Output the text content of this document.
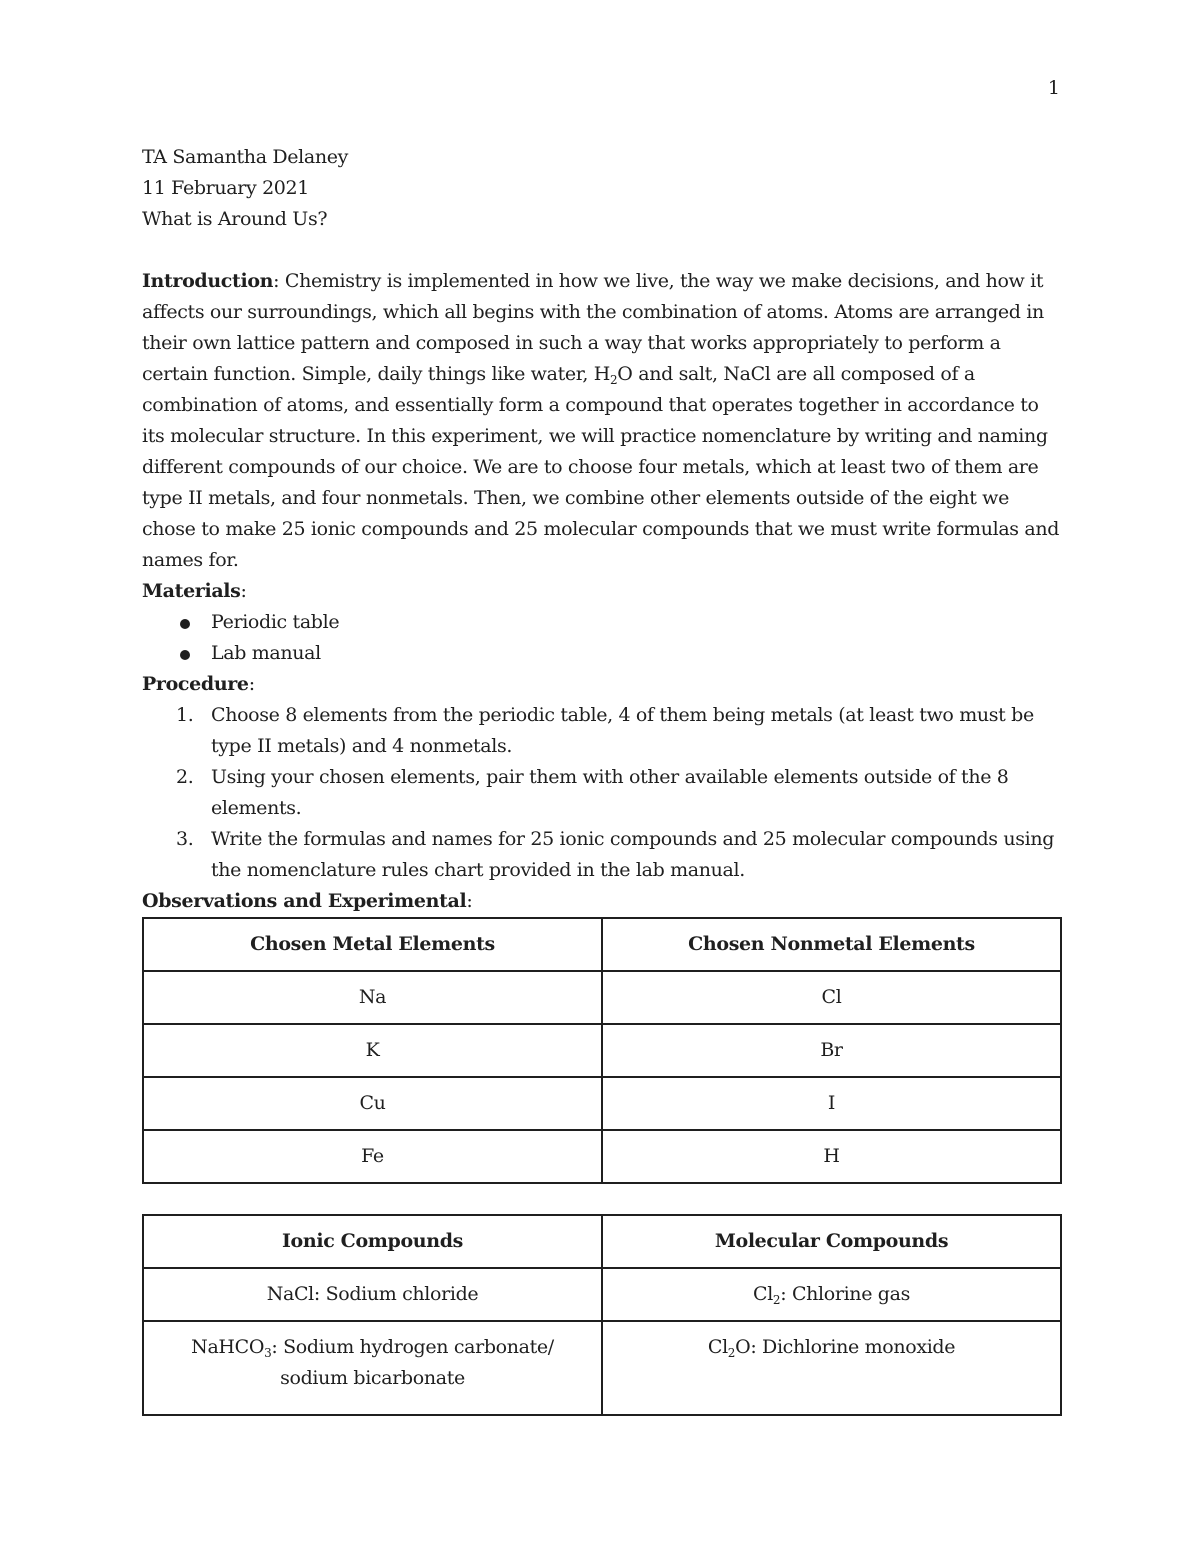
1
TA Samantha Delaney
11 February 2021
What is Around Us?

Introduction: Chemistry is implemented in how we live, the way we make decisions, and how it affects our surroundings, which all begins with the combination of atoms. Atoms are arranged in their own lattice pattern and composed in such a way that works appropriately to perform a certain function. Simple, daily things like water, $H_2O$ and salt, NaCl are all composed of a combination of atoms, and essentially form a compound that operates together in accordance to its molecular structure. In this experiment, we will practice nomenclature by writing and naming different compounds of our choice. We are to choose four metals, which at least two of them are type II metals, and four nonmetals. Then, we combine other elements outside of the eight we chose to make 25 ionic compounds and 25 molecular compounds that we must write formulas and names for.

Materials:
Periodic table
Lab manual
Procedure:
1. Choose 8 elements from the periodic table, 4 of them being metals (at least two must be type II metals) and 4 nonmetals.
2. Using your chosen elements, pair them with other available elements outside of the 8 elements.
3. Write the formulas and names for 25 ionic compounds and 25 molecular compounds using the nomenclature rules chart provided in the lab manual.
Observations and Experimental:
Chosen Metal Elements	Chosen Nonmetal Elements
Na	Cl
K	Br
Cu	I
Fe	H
Ionic Compounds	Molecular Compounds
NaCl: Sodium chloride	$Cl_2$: Chlorine gas
NaHCO$_3$: Sodium hydrogen carbonate/ sodium bicarbonate	$Cl_2O$: Dichlorine monoxide
